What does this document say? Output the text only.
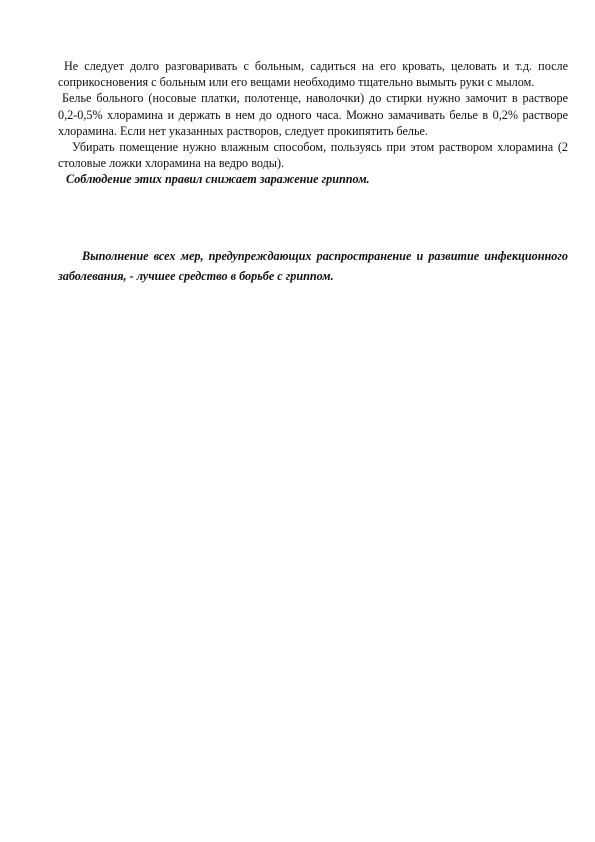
Не следует долго разговаривать с больным, садиться на его кровать, целовать и т.д. после соприкосновения с больным или его вещами необходимо тщательно вымыть руки с мылом.

Белье больного (носовые платки, полотенце, наволочки) до стирки нужно замочит в растворе 0,2-0,5% хлорамина и держать в нем до одного часа. Можно замачивать белье в 0,2% растворе хлорамина. Если нет указанных растворов, следует прокипятить белье.

Убирать помещение нужно влажным способом, пользуясь при этом раствором хлорамина (2 столовые ложки хлорамина на ведро воды).

Соблюдение этих правил снижает заражение гриппом.

Выполнение всех мер, предупреждающих распространение и развитие инфекционного заболевания, - лучшее средство в борьбе с гриппом.
